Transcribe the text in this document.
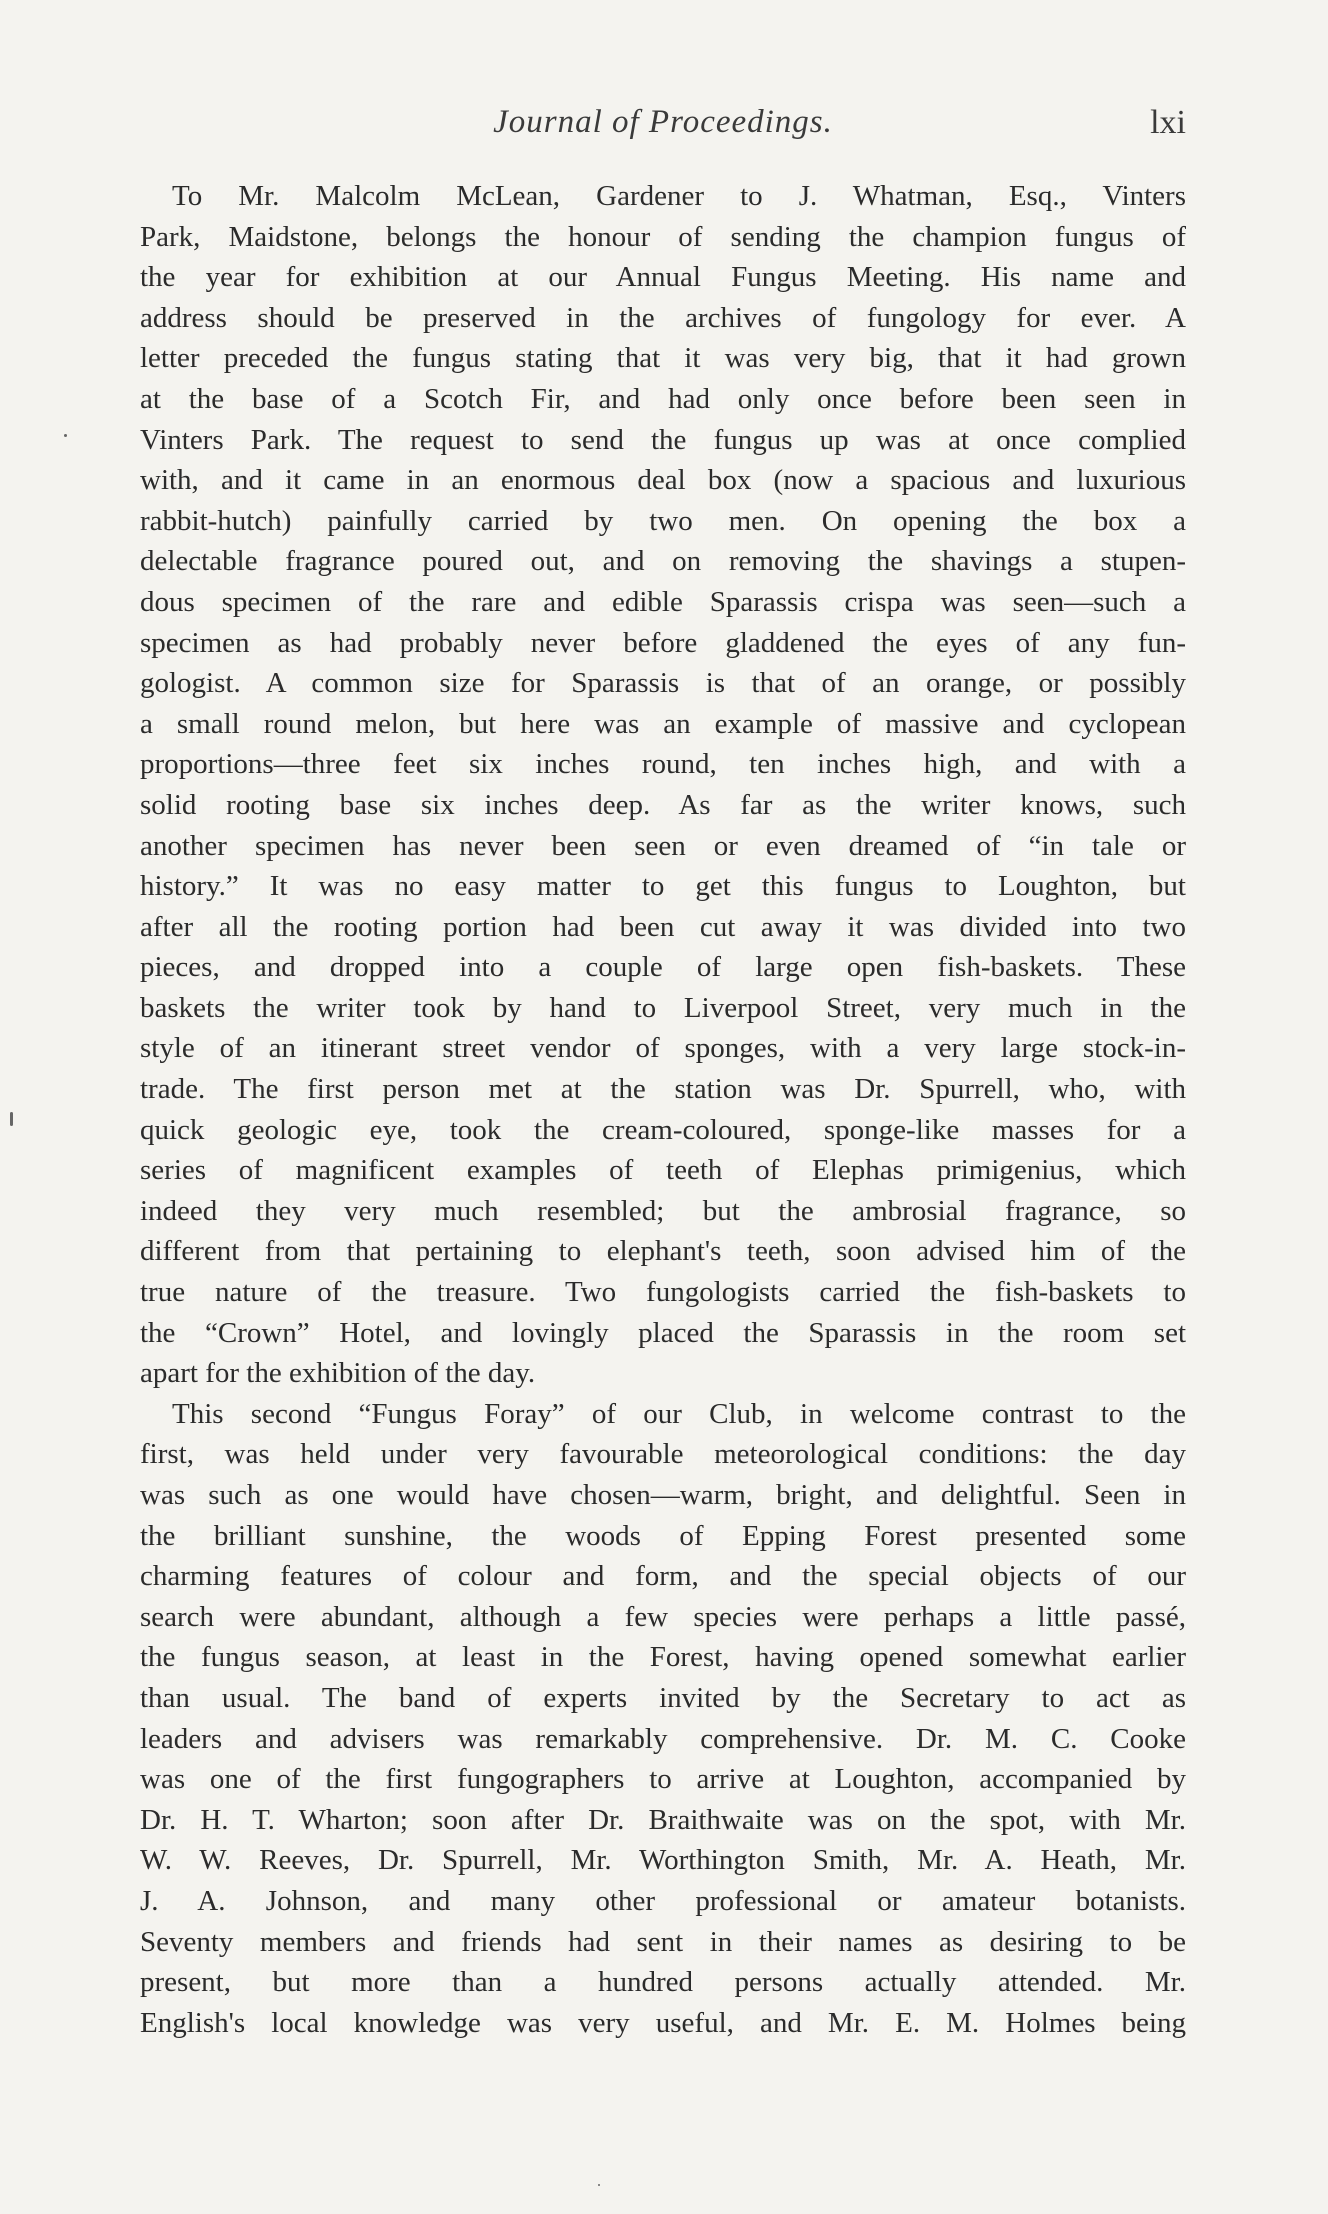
Journal of Proceedings.	lxi
To Mr. Malcolm McLean, Gardener to J. Whatman, Esq., Vinters
Park, Maidstone, belongs the honour of sending the champion fungus of
the year for exhibition at our Annual Fungus Meeting. His name and
address should be preserved in the archives of fungology for ever. A
letter preceded the fungus stating that it was very big, that it had grown
at the base of a Scotch Fir, and had only once before been seen in
Vinters Park. The request to send the fungus up was at once complied
with, and it came in an enormous deal box (now a spacious and luxurious
rabbit-hutch) painfully carried by two men. On opening the box a
delectable fragrance poured out, and on removing the shavings a stupen-
dous specimen of the rare and edible Sparassis crispa was seen—such a
specimen as had probably never before gladdened the eyes of any fun-
gologist. A common size for Sparassis is that of an orange, or possibly
a small round melon, but here was an example of massive and cyclopean
proportions—three feet six inches round, ten inches high, and with a
solid rooting base six inches deep. As far as the writer knows, such
another specimen has never been seen or even dreamed of “in tale or
history.” It was no easy matter to get this fungus to Loughton, but
after all the rooting portion had been cut away it was divided into two
pieces, and dropped into a couple of large open fish-baskets. These
baskets the writer took by hand to Liverpool Street, very much in the
style of an itinerant street vendor of sponges, with a very large stock-in-
trade. The first person met at the station was Dr. Spurrell, who, with
quick geologic eye, took the cream-coloured, sponge-like masses for a
series of magnificent examples of teeth of Elephas primigenius, which
indeed they very much resembled; but the ambrosial fragrance, so
different from that pertaining to elephant's teeth, soon advised him of the
true nature of the treasure. Two fungologists carried the fish-baskets to
the “Crown” Hotel, and lovingly placed the Sparassis in the room set
apart for the exhibition of the day.
This second “Fungus Foray” of our Club, in welcome contrast to the
first, was held under very favourable meteorological conditions: the day
was such as one would have chosen—warm, bright, and delightful. Seen in
the brilliant sunshine, the woods of Epping Forest presented some
charming features of colour and form, and the special objects of our
search were abundant, although a few species were perhaps a little passé,
the fungus season, at least in the Forest, having opened somewhat earlier
than usual. The band of experts invited by the Secretary to act as
leaders and advisers was remarkably comprehensive. Dr. M. C. Cooke
was one of the first fungographers to arrive at Loughton, accompanied by
Dr. H. T. Wharton; soon after Dr. Braithwaite was on the spot, with Mr.
W. W. Reeves, Dr. Spurrell, Mr. Worthington Smith, Mr. A. Heath, Mr.
J. A. Johnson, and many other professional or amateur botanists.
Seventy members and friends had sent in their names as desiring to be
present, but more than a hundred persons actually attended. Mr.
English's local knowledge was very useful, and Mr. E. M. Holmes being
